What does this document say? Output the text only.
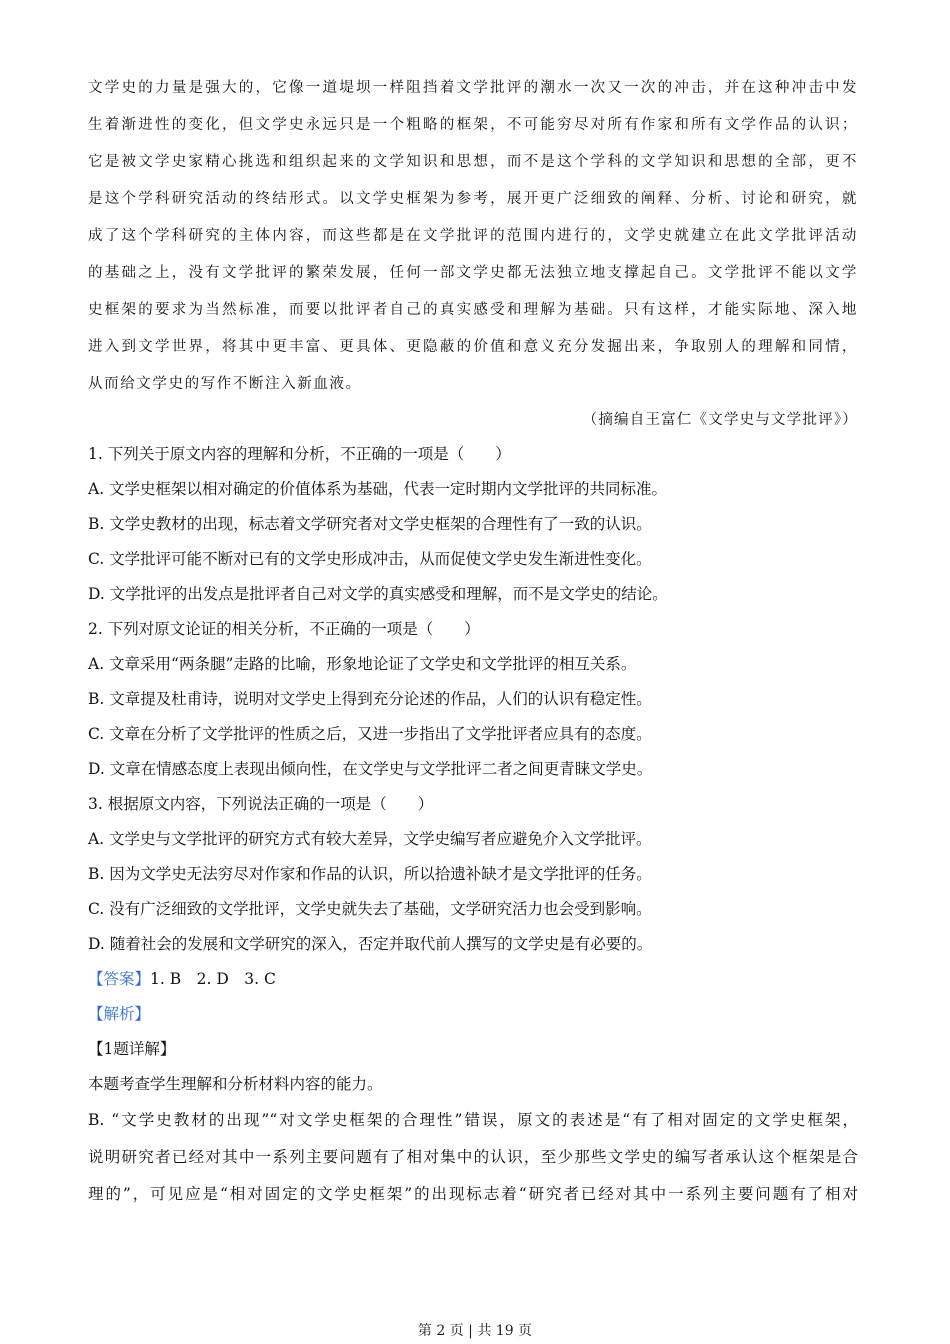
文学史的力量是强大的，它像一道堤坝一样阻挡着文学批评的潮水一次又一次的冲击，并在这种冲击中发

生着渐进性的变化，但文学史永远只是一个粗略的框架，不可能穷尽对所有作家和所有文学作品的认识；

它是被文学史家精心挑选和组织起来的文学知识和思想，而不是这个学科的文学知识和思想的全部，更不

是这个学科研究活动的终结形式。以文学史框架为参考，展开更广泛细致的阐释、分析、讨论和研究，就

成了这个学科研究的主体内容，而这些都是在文学批评的范围内进行的，文学史就建立在此文学批评活动

的基础之上，没有文学批评的繁荣发展，任何一部文学史都无法独立地支撑起自己。文学批评不能以文学

史框架的要求为当然标准，而要以批评者自己的真实感受和理解为基础。只有这样，才能实际地、深入地

进入到文学世界，将其中更丰富、更具体、更隐蔽的价值和意义充分发掘出来，争取别人的理解和同情，

从而给文学史的写作不断注入新血液。

（摘编自王富仁《文学史与文学批评》）

1. 下列关于原文内容的理解和分析，不正确的一项是（　　）

A. 文学史框架以相对确定的价值体系为基础，代表一定时期内文学批评的共同标准。

B. 文学史教材的出现，标志着文学研究者对文学史框架的合理性有了一致的认识。

C. 文学批评可能不断对已有的文学史形成冲击，从而促使文学史发生渐进性变化。

D. 文学批评的出发点是批评者自己对文学的真实感受和理解，而不是文学史的结论。

2. 下列对原文论证的相关分析，不正确的一项是（　　）

A. 文章采用“两条腿”走路的比喻，形象地论证了文学史和文学批评的相互关系。

B. 文章提及杜甫诗，说明对文学史上得到充分论述的作品，人们的认识有稳定性。

C. 文章在分析了文学批评的性质之后，又进一步指出了文学批评者应具有的态度。

D. 文章在情感态度上表现出倾向性，在文学史与文学批评二者之间更青睐文学史。

3. 根据原文内容，下列说法正确的一项是（　　）

A. 文学史与文学批评的研究方式有较大差异，文学史编写者应避免介入文学批评。

B. 因为文学史无法穷尽对作家和作品的认识，所以拾遗补缺才是文学批评的任务。

C. 没有广泛细致的文学批评，文学史就失去了基础，文学研究活力也会受到影响。

D. 随着社会的发展和文学研究的深入，否定并取代前人撰写的文学史是有必要的。

【答案】1. B　2. D　3. C

【解析】

【1题详解】

本题考查学生理解和分析材料内容的能力。

B. “文学史教材的出现”“对文学史框架的合理性”错误，原文的表述是“有了相对固定的文学史框架，

说明研究者已经对其中一系列主要问题有了相对集中的认识，至少那些文学史的编写者承认这个框架是合

理的”，可见应是“相对固定的文学史框架”的出现标志着“研究者已经对其中一系列主要问题有了相对

第 2 页 | 共 19 页
